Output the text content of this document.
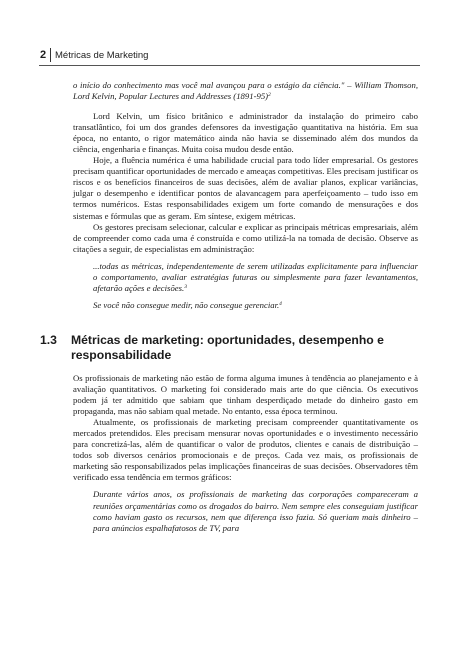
2 Métricas de Marketing

o início do conhecimento mas você mal avançou para o estágio da ciência." – William Thomson, Lord Kelvin, Popular Lectures and Addresses (1891-95)$^2$

Lord Kelvin, um físico britânico e administrador da instalação do primeiro cabo transatlântico, foi um dos grandes defensores da investigação quantitativa na história. Em sua época, no entanto, o rigor matemático ainda não havia se disseminado além dos mundos da ciência, engenharia e finanças. Muita coisa mudou desde então.

Hoje, a fluência numérica é uma habilidade crucial para todo líder empresarial. Os gestores precisam quantificar oportunidades de mercado e ameaças competitivas. Eles precisam justificar os riscos e os benefícios financeiros de suas decisões, além de avaliar planos, explicar variâncias, julgar o desempenho e identificar pontos de alavancagem para aperfeiçoamento – tudo isso em termos numéricos. Estas responsabilidades exigem um forte comando de mensurações e dos sistemas e fórmulas que as geram. Em síntese, exigem métricas.

Os gestores precisam selecionar, calcular e explicar as principais métricas empresariais, além de compreender como cada uma é construída e como utilizá-la na tomada de decisão. Observe as citações a seguir, de especialistas em administração:

...todas as métricas, independentemente de serem utilizadas explicitamente para influenciar o comportamento, avaliar estratégias futuras ou simplesmente para fazer levantamentos, afetarão ações e decisões.$^3$

Se você não consegue medir, não consegue gerenciar.$^4$

1.3 Métricas de marketing: oportunidades, desempenho e responsabilidade

Os profissionais de marketing não estão de forma alguma imunes à tendência ao planejamento e à avaliação quantitativos. O marketing foi considerado mais arte do que ciência. Os executivos podem já ter admitido que sabiam que tinham desperdiçado metade do dinheiro gasto em propaganda, mas não sabiam qual metade. No entanto, essa época terminou.

Atualmente, os profissionais de marketing precisam compreender quantitativamente os mercados pretendidos. Eles precisam mensurar novas oportunidades e o investimento necessário para concretizá-las, além de quantificar o valor de produtos, clientes e canais de distribuição – todos sob diversos cenários promocionais e de preços. Cada vez mais, os profissionais de marketing são responsabilizados pelas implicações financeiras de suas decisões. Observadores têm verificado essa tendência em termos gráficos:

Durante vários anos, os profissionais de marketing das corporações compareceram a reuniões orçamentárias como os drogados do bairro. Nem sempre eles conseguiam justificar como haviam gasto os recursos, nem que diferença isso fazia. Só queriam mais dinheiro – para anúncios espalhafatosos de TV, para
